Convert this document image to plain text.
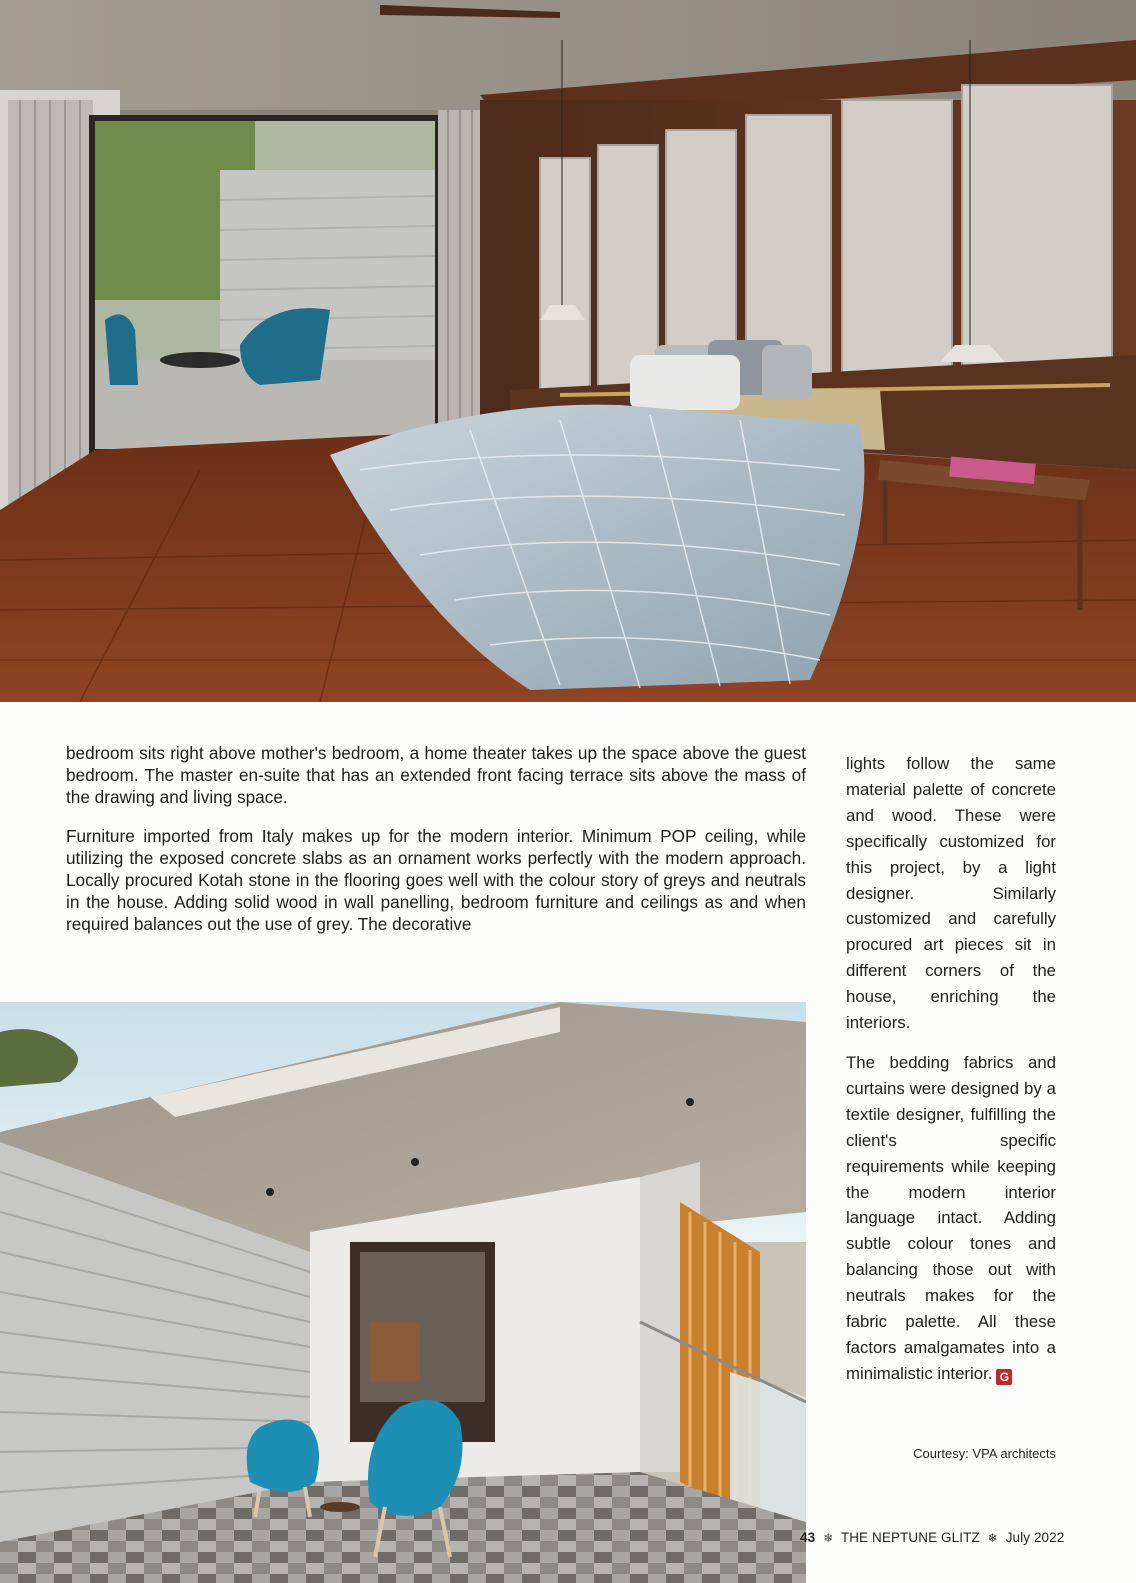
bedroom sits right above mother's bedroom, a home theater takes up the space above the guest bedroom. The master en-suite that has an extended front facing terrace sits above the mass of the drawing and living space.

Furniture imported from Italy makes up for the modern interior. Minimum POP ceiling, while utilizing the exposed concrete slabs as an ornament works perfectly with the modern approach. Locally procured Kotah stone in the flooring goes well with the colour story of greys and neutrals in the house. Adding solid wood in wall panelling, bedroom furniture and ceilings as and when required balances out the use of grey. The decorative

lights follow the same material palette of concrete and wood. These were specifically customized for this project, by a light designer. Similarly customized and carefully procured art pieces sit in different corners of the house, enriching the interiors.

The bedding fabrics and curtains were designed by a textile designer, fulfilling the client's specific requirements while keeping the modern interior language intact. Adding subtle colour tones and balancing those out with neutrals makes for the fabric palette. All these factors amalgamates into a minimalistic interior. G

Courtesy: VPA architects
43 ❄ THE NEPTUNE GLITZ ❄ July 2022
